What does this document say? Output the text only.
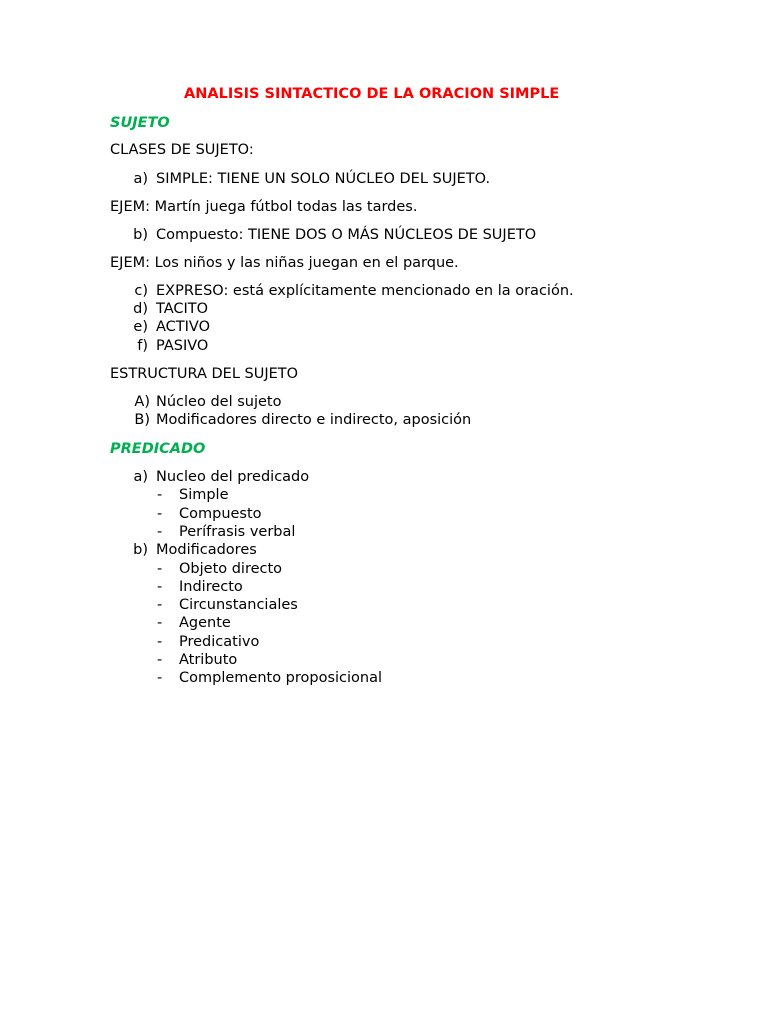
ANALISIS SINTACTICO DE LA ORACION SIMPLE
SUJETO
CLASES DE SUJETO:
a) SIMPLE: TIENE UN SOLO NÚCLEO DEL SUJETO.
EJEM: Martín juega fútbol todas las tardes.
b) Compuesto: TIENE DOS O MÁS NÚCLEOS DE SUJETO
EJEM: Los niños y las niñas juegan en el parque.
c) EXPRESO: está explícitamente mencionado en la oración.
d) TACITO
e) ACTIVO
f) PASIVO
ESTRUCTURA DEL SUJETO
A) Núcleo del sujeto
B) Modificadores directo e indirecto, aposición
PREDICADO
a) Nucleo del predicado
- Simple
- Compuesto
- Perífrasis verbal
b) Modificadores
- Objeto directo
- Indirecto
- Circunstanciales
- Agente
- Predicativo
- Atributo
- Complemento proposicional
